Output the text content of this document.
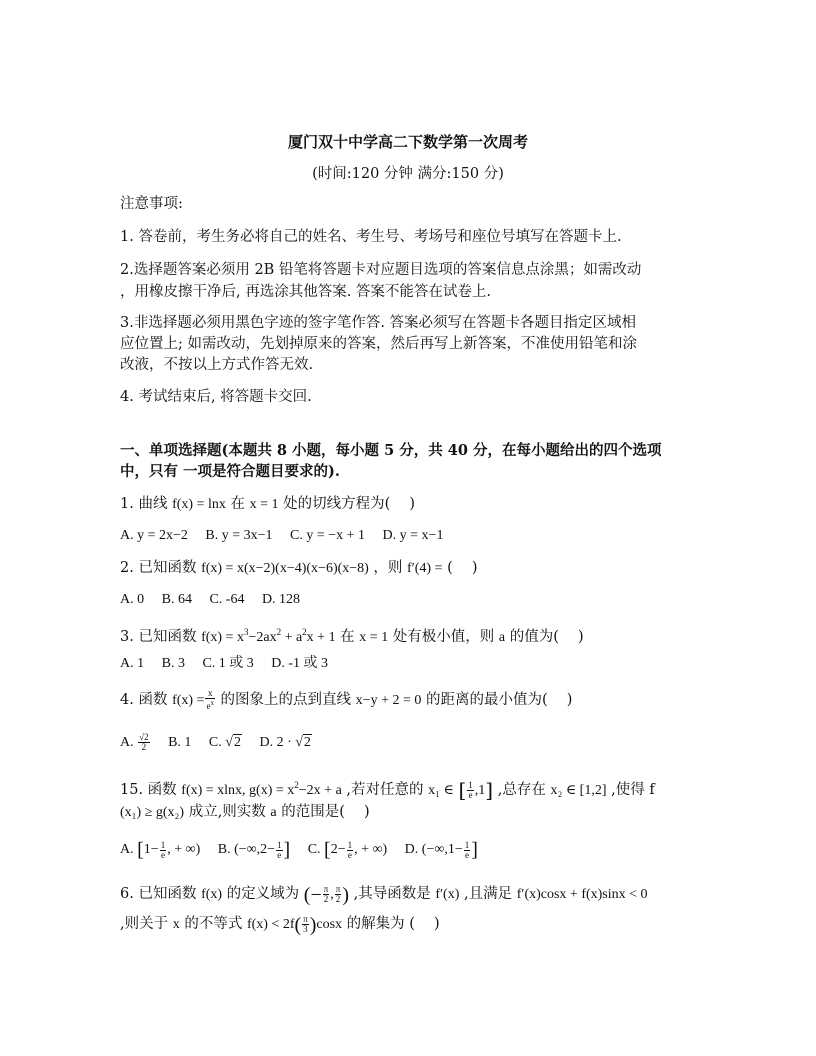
厦门双十中学高二下数学第一次周考
(时间:120 分钟 满分:150 分)
注意事项:
1. 答卷前，考生务必将自己的姓名、考生号、考场号和座位号填写在答题卡上.
2.选择题答案必须用 2B 铅笔将答题卡对应题目选项的答案信息点涂黑；如需改动
，用橡皮擦干净后, 再选涂其他答案. 答案不能答在试卷上.
3.非选择题必须用黑色字迹的签字笔作答. 答案必须写在答题卡各题目指定区域相
应位置上; 如需改动，先划掉原来的答案，然后再写上新答案，不准使用铅笔和涂
改液，不按以上方式作答无效.
4. 考试结束后, 将答题卡交回.
一、单项选择题(本题共 8 小题，每小题 5 分，共 40 分，在每小题给出的四个选项
中，只有 一项是符合题目要求的).
1. 曲线 f(x) = lnx 在 x = 1 处的切线方程为(　 )
A. y = 2x−2　 B. y = 3x−1　 C. y = −x + 1　 D. y = x−1
2. 已知函数 f(x) = x(x−2)(x−4)(x−6)(x−8) ，则 f′(4) = (　 )
A. 0　 B. 64　 C. -64　 D. 128
3. 已知函数 $f(x) = x^3-2ax^2 + a^2x + 1$ 在 x = 1 处有极小值，则 a 的值为(　 )
A. 1　 B. 3　 C. 1 或 3　 D. -1 或 3
4. 函数 $f(x) = \frac{x}{e^x}$ 的图象上的点到直线 x−y + 2 = 0 的距离的最小值为(　 )
A. $\frac{√2}{2}$ 　 B. 1　 C. √2　 D. 2 · √2
15. 函数 f(x) = xlnx, $g(x) = x^2-2x + a$ ,若对任意的 x₁ ∈ [ $\frac{1}{e} ,1$] ,总存在 x₂ ∈ [1,2] ,使得 f
(x₁) ≥ g(x₂) 成立,则实数 a 的范围是(　 )
A. [$1- \frac{1}{e}$ , + ∞)　 B. ($-\infty,2- \frac{1}{e}$ ]　 C. [$2- \frac{1}{e}$ , + ∞)　 D. ($-\infty,1- \frac{1}{e}$ ]
6. 已知函数 f(x) 的定义域为 (− $\frac{\pi}{2}$ , $\frac{\pi}{2}$ ) ,其导函数是 f′(x) ,且满足 f′(x)cosx + f(x)sinx < 0
,则关于 x 的不等式 $f(x) < 2f( \frac{\pi}{3} )\cos x$ 的解集为 (　 )
